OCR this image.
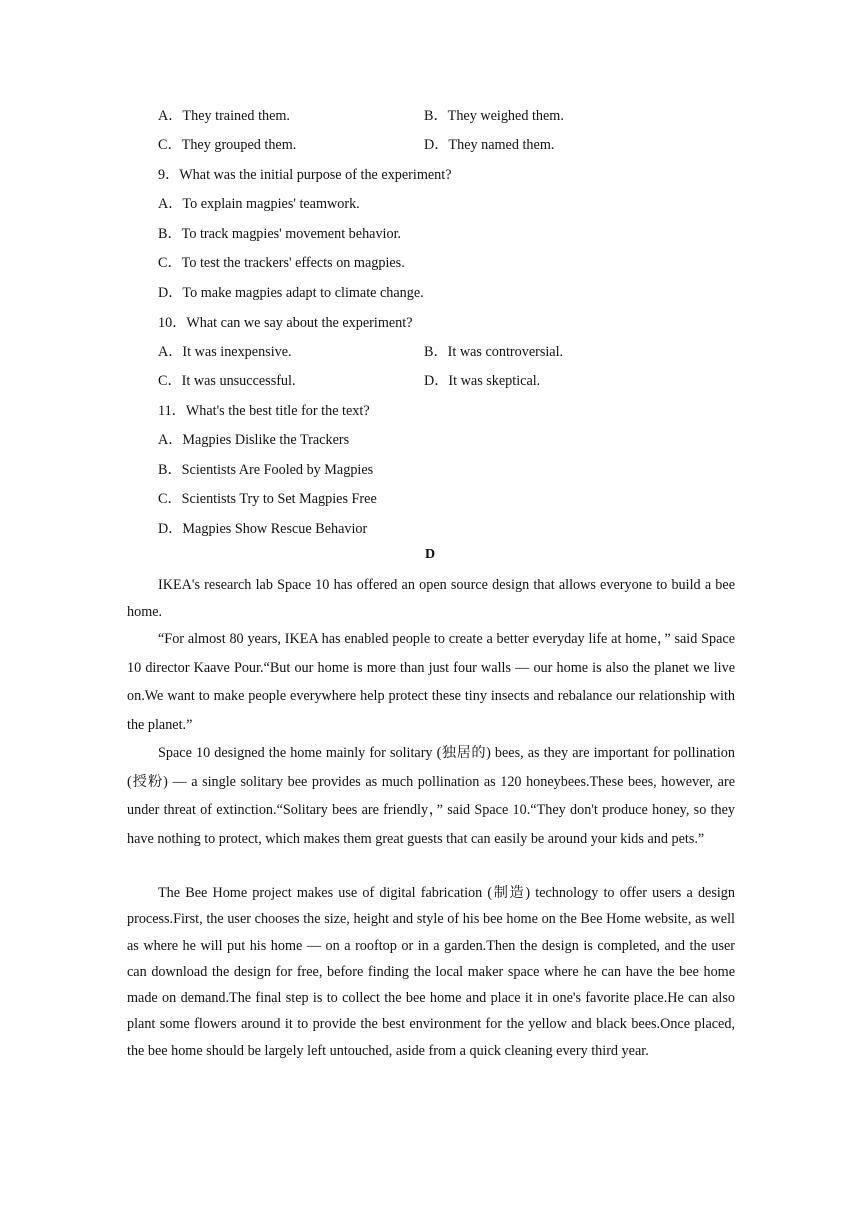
A．They trained them.	B．They weighed them.
C．They grouped them.	D．They named them.
9．What was the initial purpose of the experiment?
A．To explain magpies' teamwork.
B．To track magpies' movement behavior.
C．To test the trackers' effects on magpies.
D．To make magpies adapt to climate change.
10．What can we say about the experiment?
A．It was inexpensive.	B．It was controversial.
C．It was unsuccessful.	D．It was skeptical.
11．What's the best title for the text?
A．Magpies Dislike the Trackers
B．Scientists Are Fooled by Magpies
C．Scientists Try to Set Magpies Free
D．Magpies Show Rescue Behavior
D

IKEA's research lab Space 10 has offered an open source design that allows everyone to build a bee home.

“For almost 80 years, IKEA has enabled people to create a better everyday life at home，” said Space 10 director Kaave Pour.“But our home is more than just four walls — our home is also the planet we live on.We want to make people everywhere help protect these tiny insects and rebalance our relationship with the planet.”

Space 10 designed the home mainly for solitary (独居的) bees, as they are important for pollination (授粉) — a single solitary bee provides as much pollination as 120 honeybees.These bees, however, are under threat of extinction.“Solitary bees are friendly，” said Space 10.“They don't produce honey, so they have nothing to protect, which makes them great guests that can easily be around your kids and pets.”

The Bee Home project makes use of digital fabrication (制造) technology to offer users a design process.First, the user chooses the size, height and style of his bee home on the Bee Home website, as well as where he will put his home — on a rooftop or in a garden.Then the design is completed, and the user can download the design for free, before finding the local maker space where he can have the bee home made on demand.The final step is to collect the bee home and place it in one's favorite place.He can also plant some flowers around it to provide the best environment for the yellow and black bees.Once placed, the bee home should be largely left untouched, aside from a quick cleaning every third year.
